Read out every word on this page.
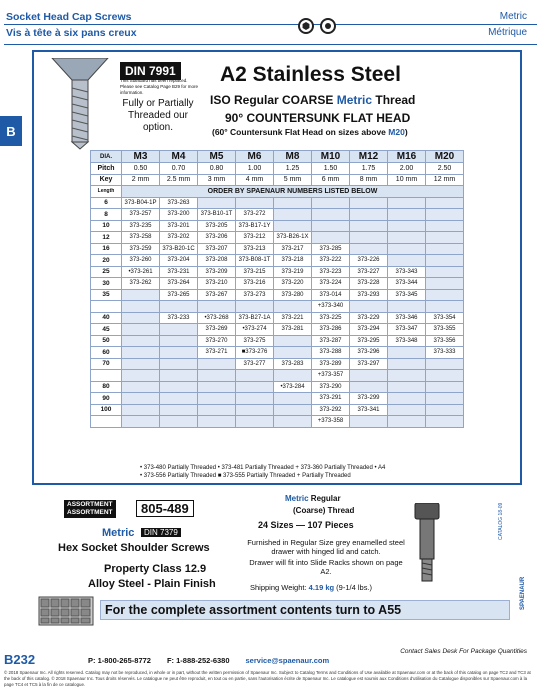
Socket Head Cap Screws
Vis à tête à six pans creux
Metric
Métrique
B
DIN 7991
This Standard has been replaced. Please see Catalog Page B29 for more information.
Fully or Partially Threaded our option.
A2 Stainless Steel
ISO Regular COARSE Metric Thread
90° COUNTERSUNK FLAT HEAD
(60° Countersunk Flat Head on sizes above M20)
DIA.	M3	M4	M5	M6	M8	M10	M12	M16	M20
Pitch	0.50	0.70	0.80	1.00	1.25	1.50	1.75	2.00	2.50
Key	2 mm	2.5 mm	3 mm	4 mm	5 mm	6 mm	8 mm	10 mm	12 mm
Length	ORDER BY SPAENAUR NUMBERS LISTED BELOW								
6	373-B04-1P	373-263							
8	373-257	373-200	373-B10-1T	373-272					
10	373-235	373-201	373-205	373-B17-1Y					
12	373-258	373-202	373-206	373-212	373-B26-1X				
16	373-259	373-B20-1C	373-207	373-213	373-217	373-285			
20	373-260	373-204	373-208	373-B08-1T	373-218	373-222	373-226		
25	•373-261	373-231	373-209	373-215	373-219	373-223	373-227	373-343	
30	373-262	373-264	373-210	373-216	373-220	373-224	373-228	373-344	
35		373-265	373-267	373-273	373-280	373-014	373-293	373-345	
						+373-340			
40		373-233	•373-268	373-B27-1A	373-221	373-225	373-229	373-346	373-354
45			373-269	•373-274	373-281	373-286	373-294	373-347	373-355
50			373-270	373-275		373-287	373-295	373-348	373-356
60			373-271	■373-276		373-288	373-296		373-333
70				373-277	373-283	373-289	373-297		
						+373-357			
80					•373-284	373-290			
90						373-291	373-299		
100						373-292	373-341		
						+373-358			
• 373-480 Partially Threaded • 373-481 Partially Threaded + 373-360 Partially Threaded • A4
• 373-556 Partially Threaded ■ 373-555 Partially Threaded + Partially Threaded
ASSORTMENT
ASSORTMENT	805-489
Metric	DIN 7379
Hex Socket Shoulder Screws
Property Class 12.9
Alloy Steel - Plain Finish
Metric Regular
(Coarse) Thread
24 Sizes — 107 Pieces
Furnished in Regular Size grey enamelled steel drawer with hinged lid and catch.
Drawer will fit into Slide Racks shown on page A2.
Shipping Weight: 4.19 kg (9-1/4 lbs.)
For the complete assortment contents turn to A55
CATALOG 18-09
SPAENAUR
B232
Contact Sales Desk For Package Quantities
P: 1-800-265-8772 F: 1-888-252-6380 service@spaenaur.com
© 2018 Spaenaur Inc. All rights reserved. Catalog may not be reproduced, in whole or in part, without the written permission of Spaenaur Inc. Subject to Catalog Terms and Conditions of Use available at Spaenaur.com or at the back of this catalog on page TC2 and TC3 at the back of this catalog. © 2018 Spaenaur Inc. Tous droits réservés. Le catalogue ne peut être reproduit, en tout ou en partie, sans l'autorisation écrite de Spaenaur Inc. Le catalogue est soumis aux Conditions d'utilisation du Catalogue disponibles sur Spaenaur.com à la page TC4 et TC5 à la fin de ce catalogue.
